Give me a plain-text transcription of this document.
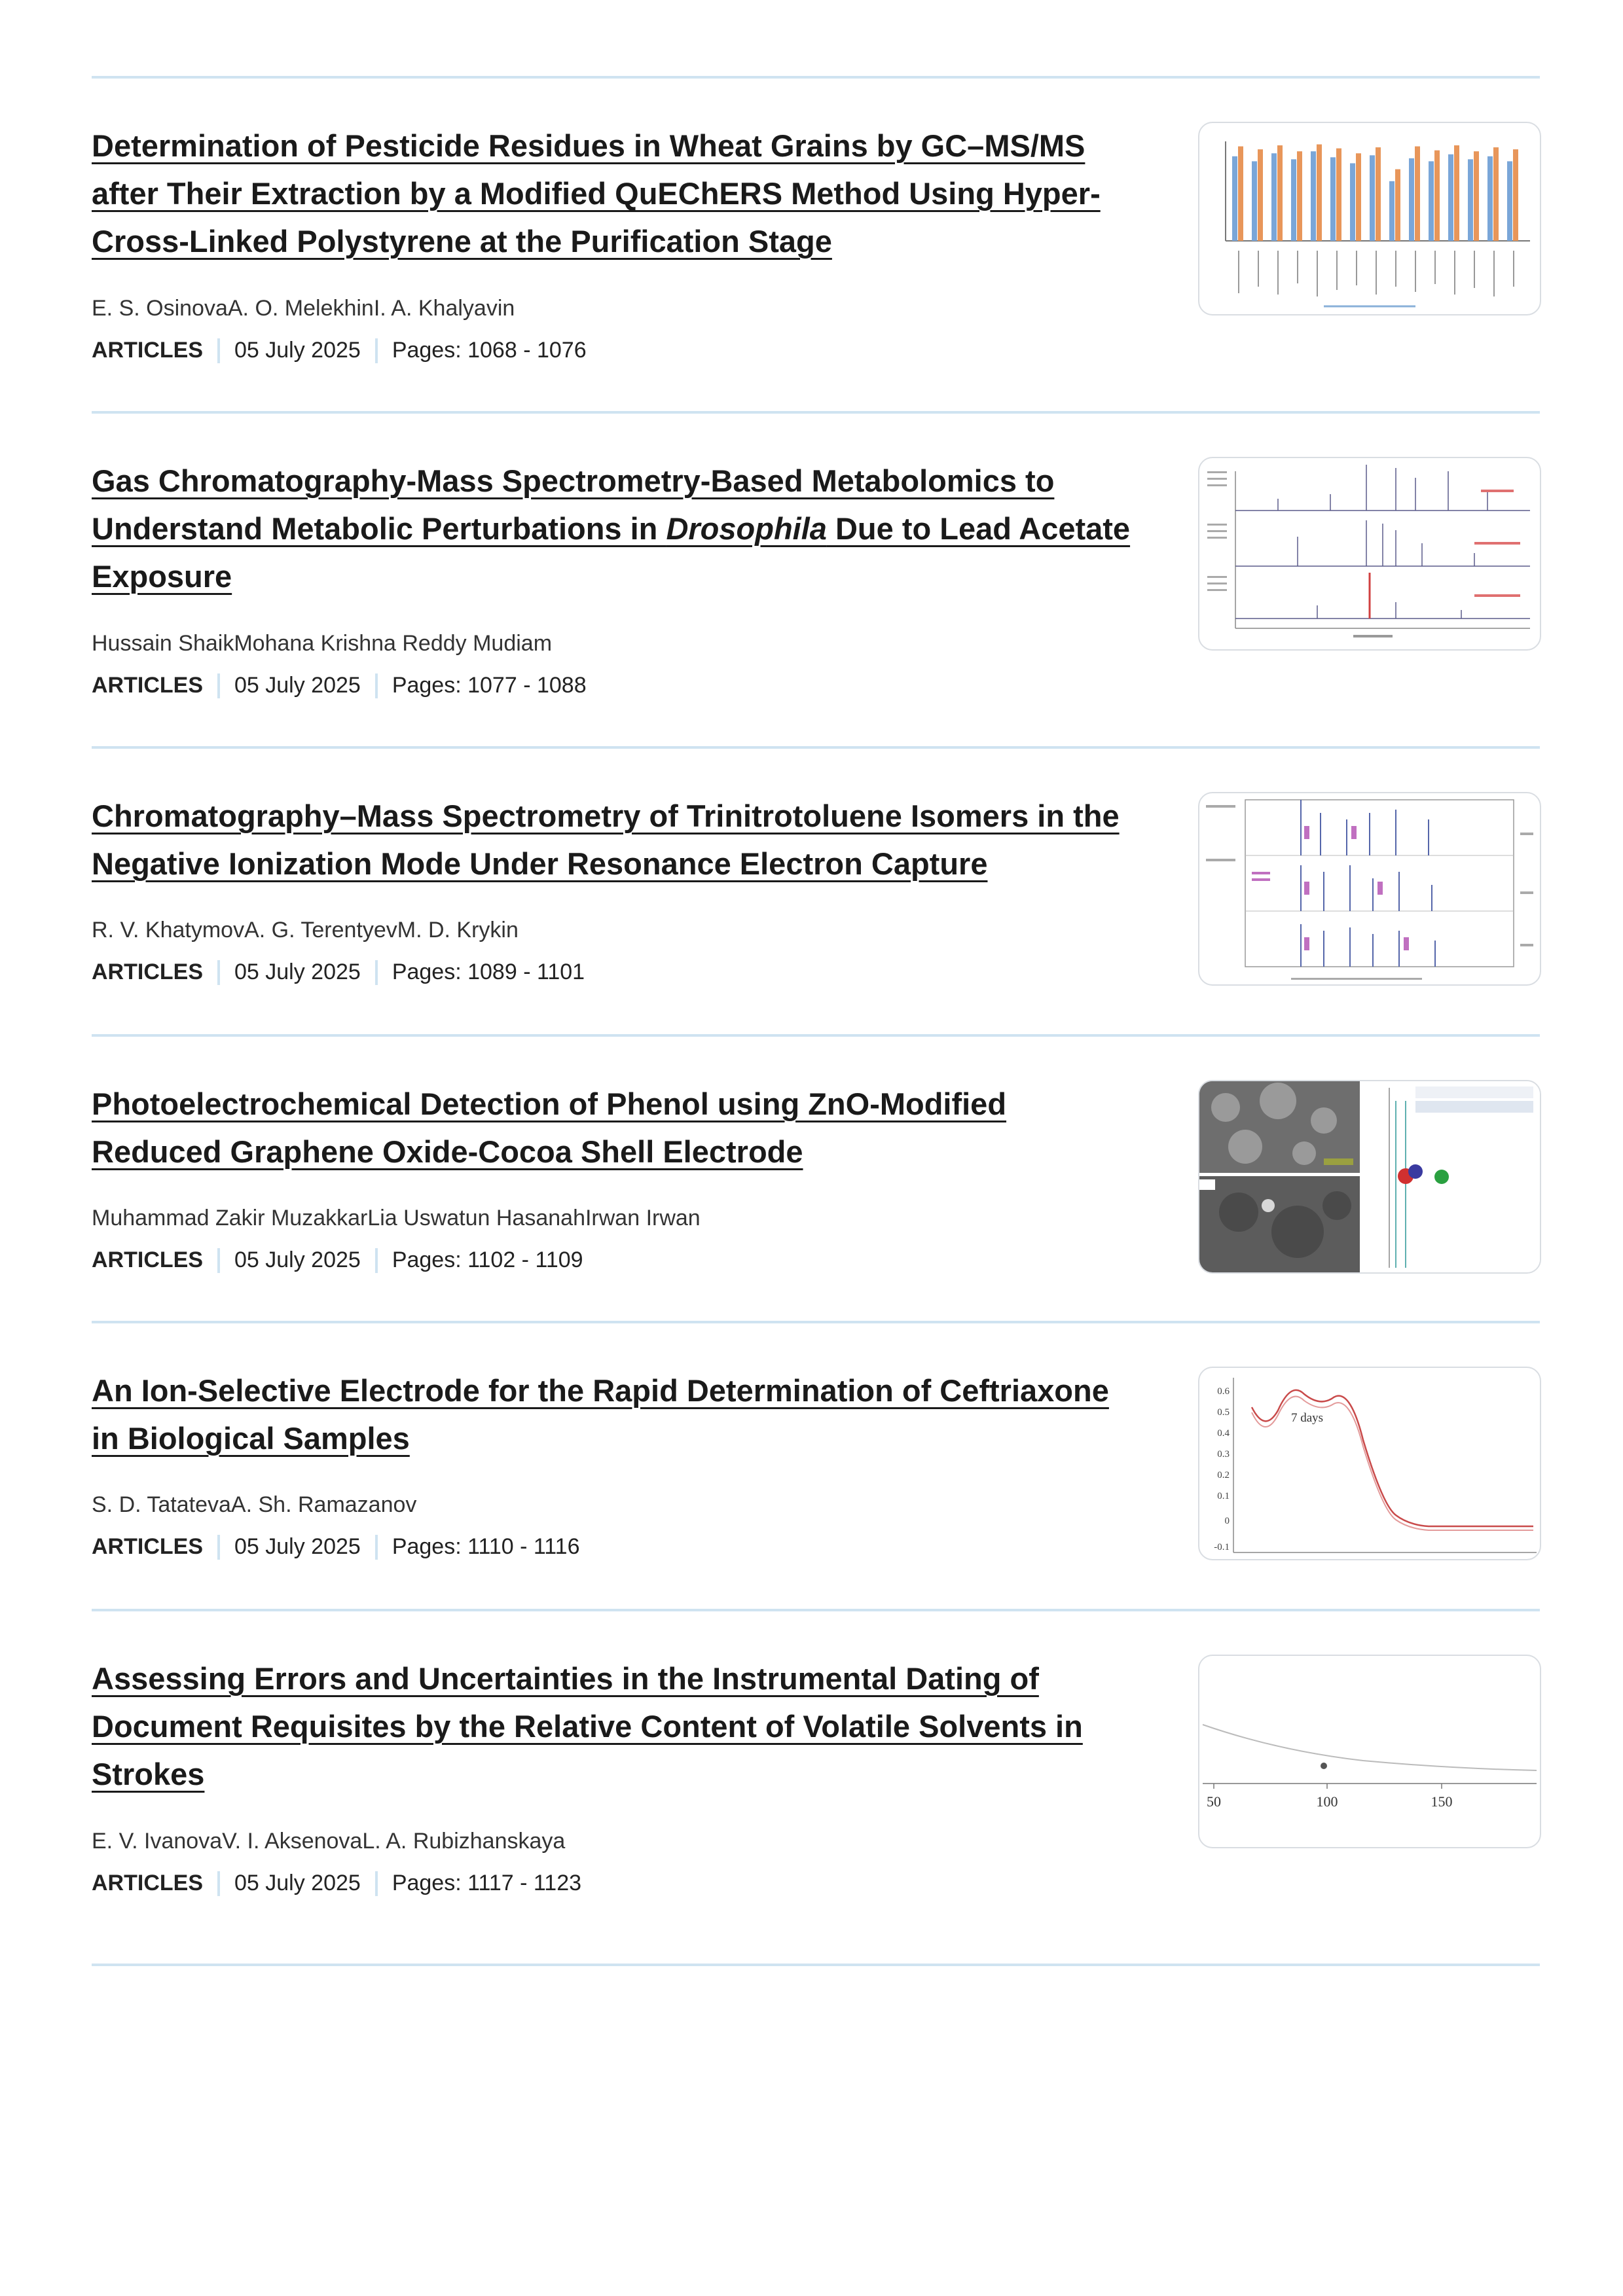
Determination of Pesticide Residues in Wheat Grains by GC–MS/MS after Their Extraction by a Modified QuEChERS Method Using Hyper-Cross-Linked Polystyrene at the Purification Stage
E. S. OsinovaA. O. MelekhinI. A. Khalyavin
ARTICLES 05 July 2025 Pages: 1068 - 1076
Gas Chromatography-Mass Spectrometry-Based Metabolomics to Understand Metabolic Perturbations in Drosophila Due to Lead Acetate Exposure
Hussain ShaikMohana Krishna Reddy Mudiam
ARTICLES 05 July 2025 Pages: 1077 - 1088
Chromatography–Mass Spectrometry of Trinitrotoluene Isomers in the Negative Ionization Mode Under Resonance Electron Capture
R. V. KhatymovA. G. TerentyevM. D. Krykin
ARTICLES 05 July 2025 Pages: 1089 - 1101
Photoelectrochemical Detection of Phenol using ZnO-Modified Reduced Graphene Oxide-Cocoa Shell Electrode
Muhammad Zakir MuzakkarLia Uswatun HasanahIrwan Irwan
ARTICLES 05 July 2025 Pages: 1102 - 1109
An Ion-Selective Electrode for the Rapid Determination of Ceftriaxone in Biological Samples
S. D. TatatevaA. Sh. Ramazanov
ARTICLES 05 July 2025 Pages: 1110 - 1116
0.6
0.5
0.4
0.3
0.2
0.1
0
-0.1
7 days
Assessing Errors and Uncertainties in the Instrumental Dating of Document Requisites by the Relative Content of Volatile Solvents in Strokes
E. V. IvanovaV. I. AksenovaL. A. Rubizhanskaya
ARTICLES 05 July 2025 Pages: 1117 - 1123
50	100	150
